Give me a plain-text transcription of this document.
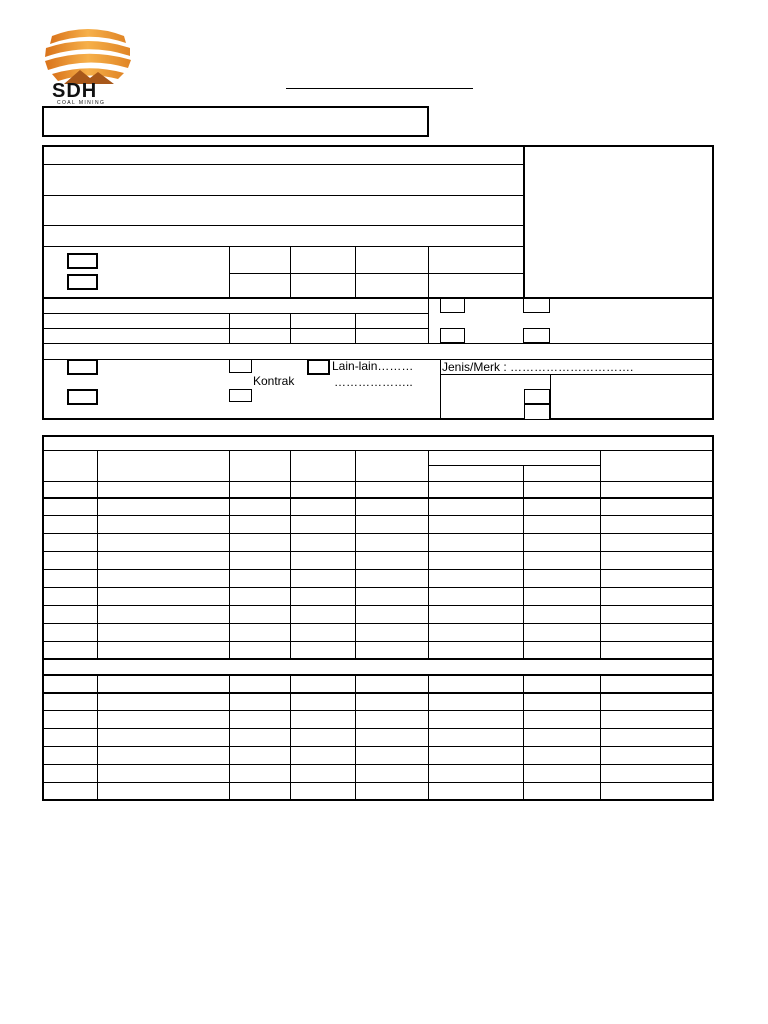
SDH
COAL MINING
Lain-lain……… Jenis/Merk : ………………………….
Kontrak	………………..
